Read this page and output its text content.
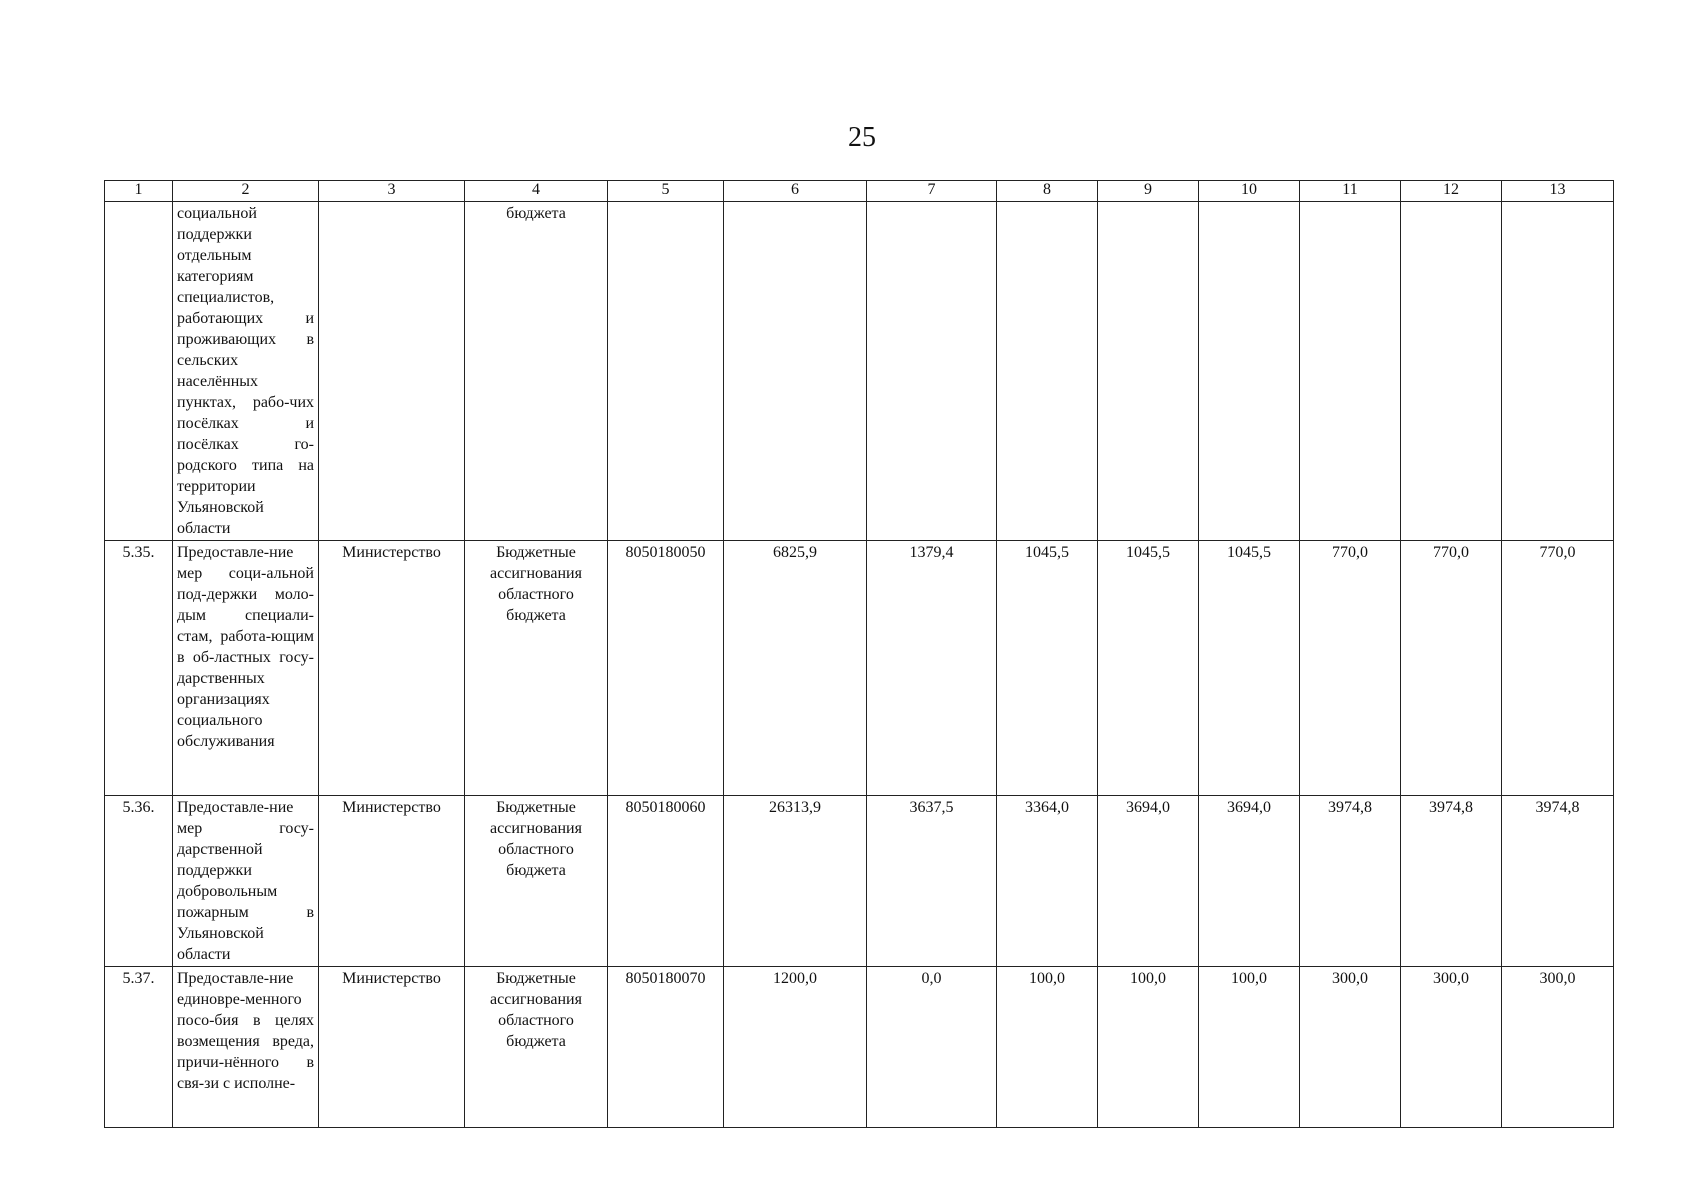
25
1	2	3	4	5	6	7	8	9	10	11	12	13
	социальной поддержки отдельным категориям специалистов, работающих и проживающих в сельских населённых пунктах, рабо-чих посёлках и посёлках го-родского типа на территории Ульяновской области		бюджета									
5.35.	Предоставле-ние мер соци-альной под-держки моло-дым специали-стам, работа-ющим в об-ластных госу-дарственных организациях социального обслуживания	Министерство	Бюджетные ассигнования областного бюджета	8050180050	6825,9	1379,4	1045,5	1045,5	1045,5	770,0	770,0	770,0
5.36.	Предоставле-ние мер госу-дарственной поддержки добровольным пожарным в Ульяновской области	Министерство	Бюджетные ассигнования областного бюджета	8050180060	26313,9	3637,5	3364,0	3694,0	3694,0	3974,8	3974,8	3974,8
5.37.	Предоставле-ние единовре-менного посо-бия в целях возмещения вреда, причи-нённого в свя-зи с исполне-	Министерство	Бюджетные ассигнования областного бюджета	8050180070	1200,0	0,0	100,0	100,0	100,0	300,0	300,0	300,0
